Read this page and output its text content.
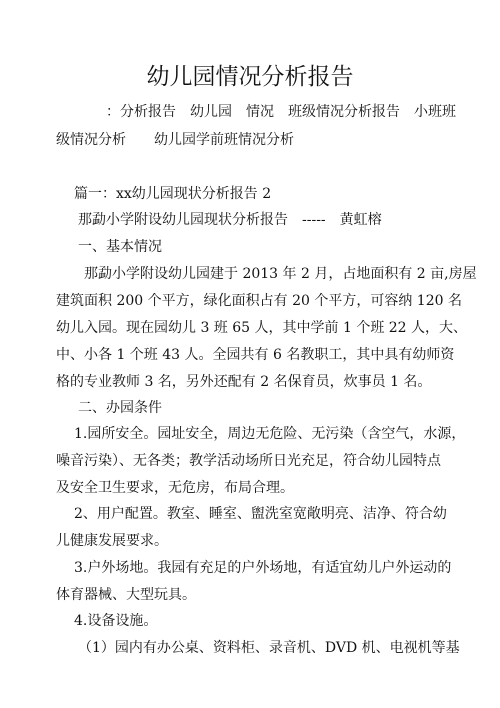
幼儿园情况分析报告
：分析报告　幼儿园　情况　班级情况分析报告　小班班
级情况分析　　幼儿园学前班情况分析
篇一：xx幼儿园现状分析报告 2
那勐小学附设幼儿园现状分析报告　-----　黄虹榕
一、基本情况
　那勐小学附设幼儿园建于 2013 年 2 月，占地面积有 2 亩,房屋
建筑面积 200 个平方，绿化面积占有 20 个平方，可容纳 120 名
幼儿入园。现在园幼儿 3 班 65 人，其中学前 1 个班 22 人，大、
中、小各 1 个班 43 人。全园共有 6 名教职工，其中具有幼师资
格的专业教师 3 名，另外还配有 2 名保育员，炊事员 1 名。
二、办园条件
1.园所安全。园址安全，周边无危险、无污染（含空气，水源，
噪音污染）、无各类；教学活动场所日光充足，符合幼儿园特点
及安全卫生要求，无危房，布局合理。
2、用户配置。教室、睡室、盥洗室宽敞明亮、洁净、符合幼
儿健康发展要求。
3.户外场地。我园有充足的户外场地，有适宜幼儿户外运动的
体育器械、大型玩具。
4.设备设施。
（1）园内有办公桌、资料柜、录音机、DVD 机、电视机等基
